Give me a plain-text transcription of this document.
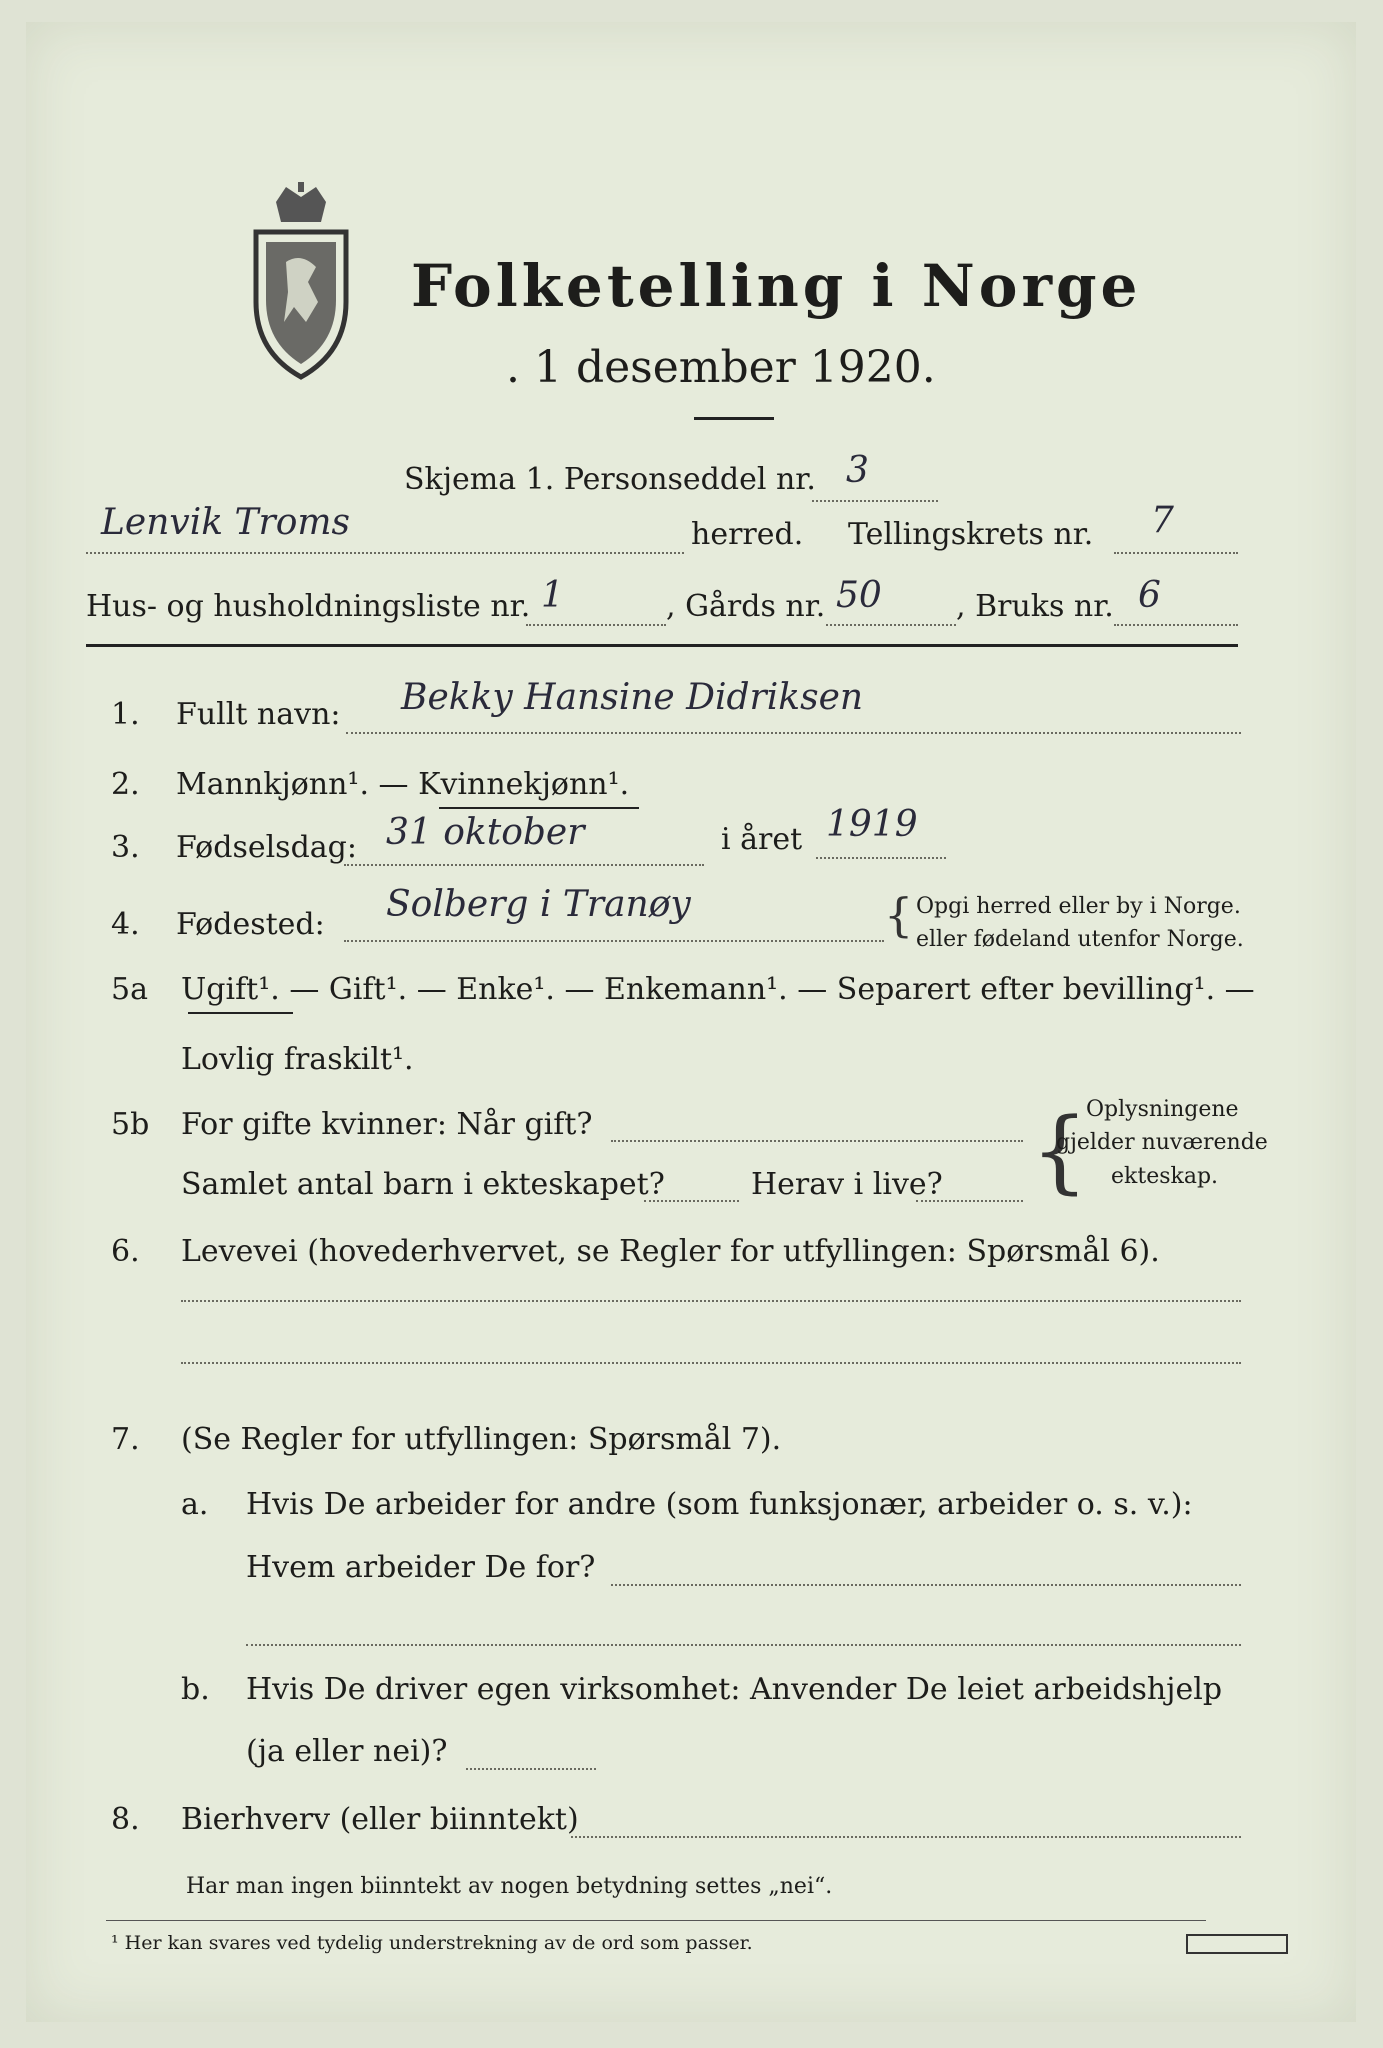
Folketelling i Norge
. 1 desember 1920.
Skjema 1. Personseddel nr. 3
Lenvik Troms	herred. Tellingskrets nr. 7
Hus- og husholdningsliste nr. 1	, Gårds nr. 50 , Bruks nr. 6
1. Fullt navn: Bekky Hansine Didriksen
2. Mannkjønn¹. — Kvinnekjønn¹.
3. Fødselsdag: 31 oktober	i året 1919
4. Fødested: Solberg i Tranøy	{ Opgi herred eller by i Norge.
eller fødeland utenfor Norge.
5a Ugift¹. — Gift¹. — Enke¹. — Enkemann¹. — Separert efter bevilling¹. —
Lovlig fraskilt¹.
5b For gifte kvinner: Når gift?
Samlet antal barn i ekteskapet?	Herav i live? {
Oplysningene
gjelder nuværende
ekteskap.
6. Levevei (hovederhvervet, se Regler for utfyllingen: Spørsmål 6).
7. (Se Regler for utfyllingen: Spørsmål 7).
a. Hvis De arbeider for andre (som funksjonær, arbeider o. s. v.):
Hvem arbeider De for?
b. Hvis De driver egen virksomhet: Anvender De leiet arbeidshjelp
(ja eller nei)?
8. Bierhverv (eller biinntekt)
Har man ingen biinntekt av nogen betydning settes „nei“.
¹ Her kan svares ved tydelig understrekning av de ord som passer.
